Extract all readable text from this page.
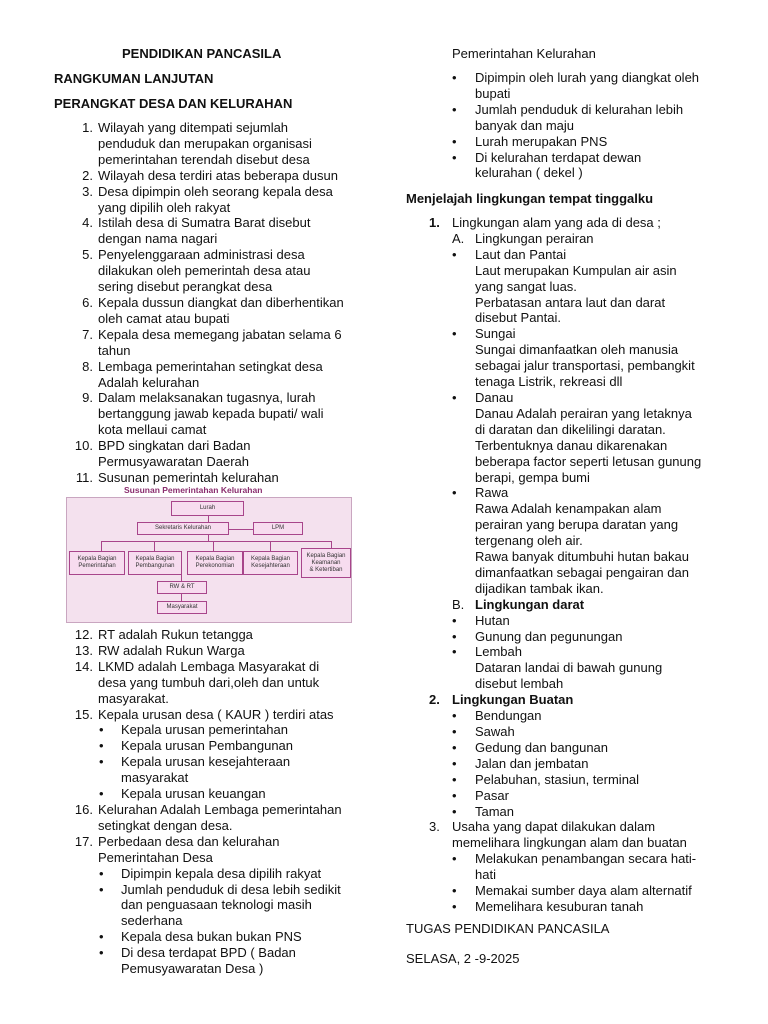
PENDIDIKAN PANCASILA
RANGKUMAN LANJUTAN
PERANGKAT DESA DAN KELURAHAN
1. Wilayah yang ditempati sejumlah
penduduk dan merupakan organisasi
pemerintahan terendah disebut desa
2. Wilayah desa terdiri atas beberapa dusun
3. Desa dipimpin oleh seorang kepala desa
yang dipilih oleh rakyat
4. Istilah desa di Sumatra Barat disebut
dengan nama nagari
5. Penyelenggaraan administrasi desa
dilakukan oleh pemerintah desa atau
sering disebut perangkat desa
6. Kepala dussun diangkat dan diberhentikan
oleh camat atau bupati
7. Kepala desa memegang jabatan selama 6
tahun
8. Lembaga pemerintahan setingkat desa
Adalah kelurahan
9. Dalam melaksanakan tugasnya, lurah
bertanggung jawab kepada bupati/ wali
kota mellaui camat
10. BPD singkatan dari Badan
Permusyawaratan Daerah
11. Susunan pemerintah kelurahan
Susunan Pemerintahan Kelurahan
Lurah
Sekretaris Kelurahan	LPM
Kepala Bagian
Pemerintahan
Kepala Bagian
Pembangunan
Kepala Bagian
Perekonomian
Kepala Bagian
Kesejahteraan
Kepala Bagian
Keamanan
& Ketertiban
RW & RT
Masyarakat
12. RT adalah Rukun tetangga
13. RW adalah Rukun Warga
14. LKMD adalah Lembaga Masyarakat di
desa yang tumbuh dari,oleh dan untuk
masyarakat.
15. Kepala urusan desa ( KAUR ) terdiri atas
• Kepala urusan pemerintahan
• Kepala urusan Pembangunan
• Kepala urusan kesejahteraan
masyarakat
• Kepala urusan keuangan
16. Kelurahan Adalah Lembaga pemerintahan
setingkat dengan desa.
17. Perbedaan desa dan kelurahan
Pemerintahan Desa
• Dipimpin kepala desa dipilih rakyat
• Jumlah penduduk di desa lebih sedikit
dan penguasaan teknologi masih
sederhana
• Kepala desa bukan bukan PNS
• Di desa terdapat BPD ( Badan
Pemusyawaratan Desa )
Pemerintahan Kelurahan
• Dipimpin oleh lurah yang diangkat oleh
bupati
• Jumlah penduduk di kelurahan lebih
banyak dan maju
• Lurah merupakan PNS
• Di kelurahan terdapat dewan
kelurahan ( dekel )
Menjelajah lingkungan tempat tinggalku
1. Lingkungan alam yang ada di desa ;
A. Lingkungan perairan
• Laut dan Pantai
Laut merupakan Kumpulan air asin
yang sangat luas.
Perbatasan antara laut dan darat
disebut Pantai.
• Sungai
Sungai dimanfaatkan oleh manusia
sebagai jalur transportasi, pembangkit
tenaga Listrik, rekreasi dll
• Danau
Danau Adalah perairan yang letaknya
di daratan dan dikelilingi daratan.
Terbentuknya danau dikarenakan
beberapa factor seperti letusan gunung
berapi, gempa bumi
• Rawa
Rawa Adalah kenampakan alam
perairan yang berupa daratan yang
tergenang oleh air.
Rawa banyak ditumbuhi hutan bakau
dimanfaatkan sebagai pengairan dan
dijadikan tambak ikan.
B. Lingkungan darat
• Hutan
• Gunung dan pegunungan
• Lembah
Dataran landai di bawah gunung
disebut lembah
2. Lingkungan Buatan
• Bendungan
• Sawah
• Gedung dan bangunan
• Jalan dan jembatan
• Pelabuhan, stasiun, terminal
• Pasar
• Taman
3. Usaha yang dapat dilakukan dalam
memelihara lingkungan alam dan buatan
• Melakukan penambangan secara hati-
hati
• Memakai sumber daya alam alternatif
• Memelihara kesuburan tanah
TUGAS PENDIDIKAN PANCASILA
SELASA, 2 -9-2025
